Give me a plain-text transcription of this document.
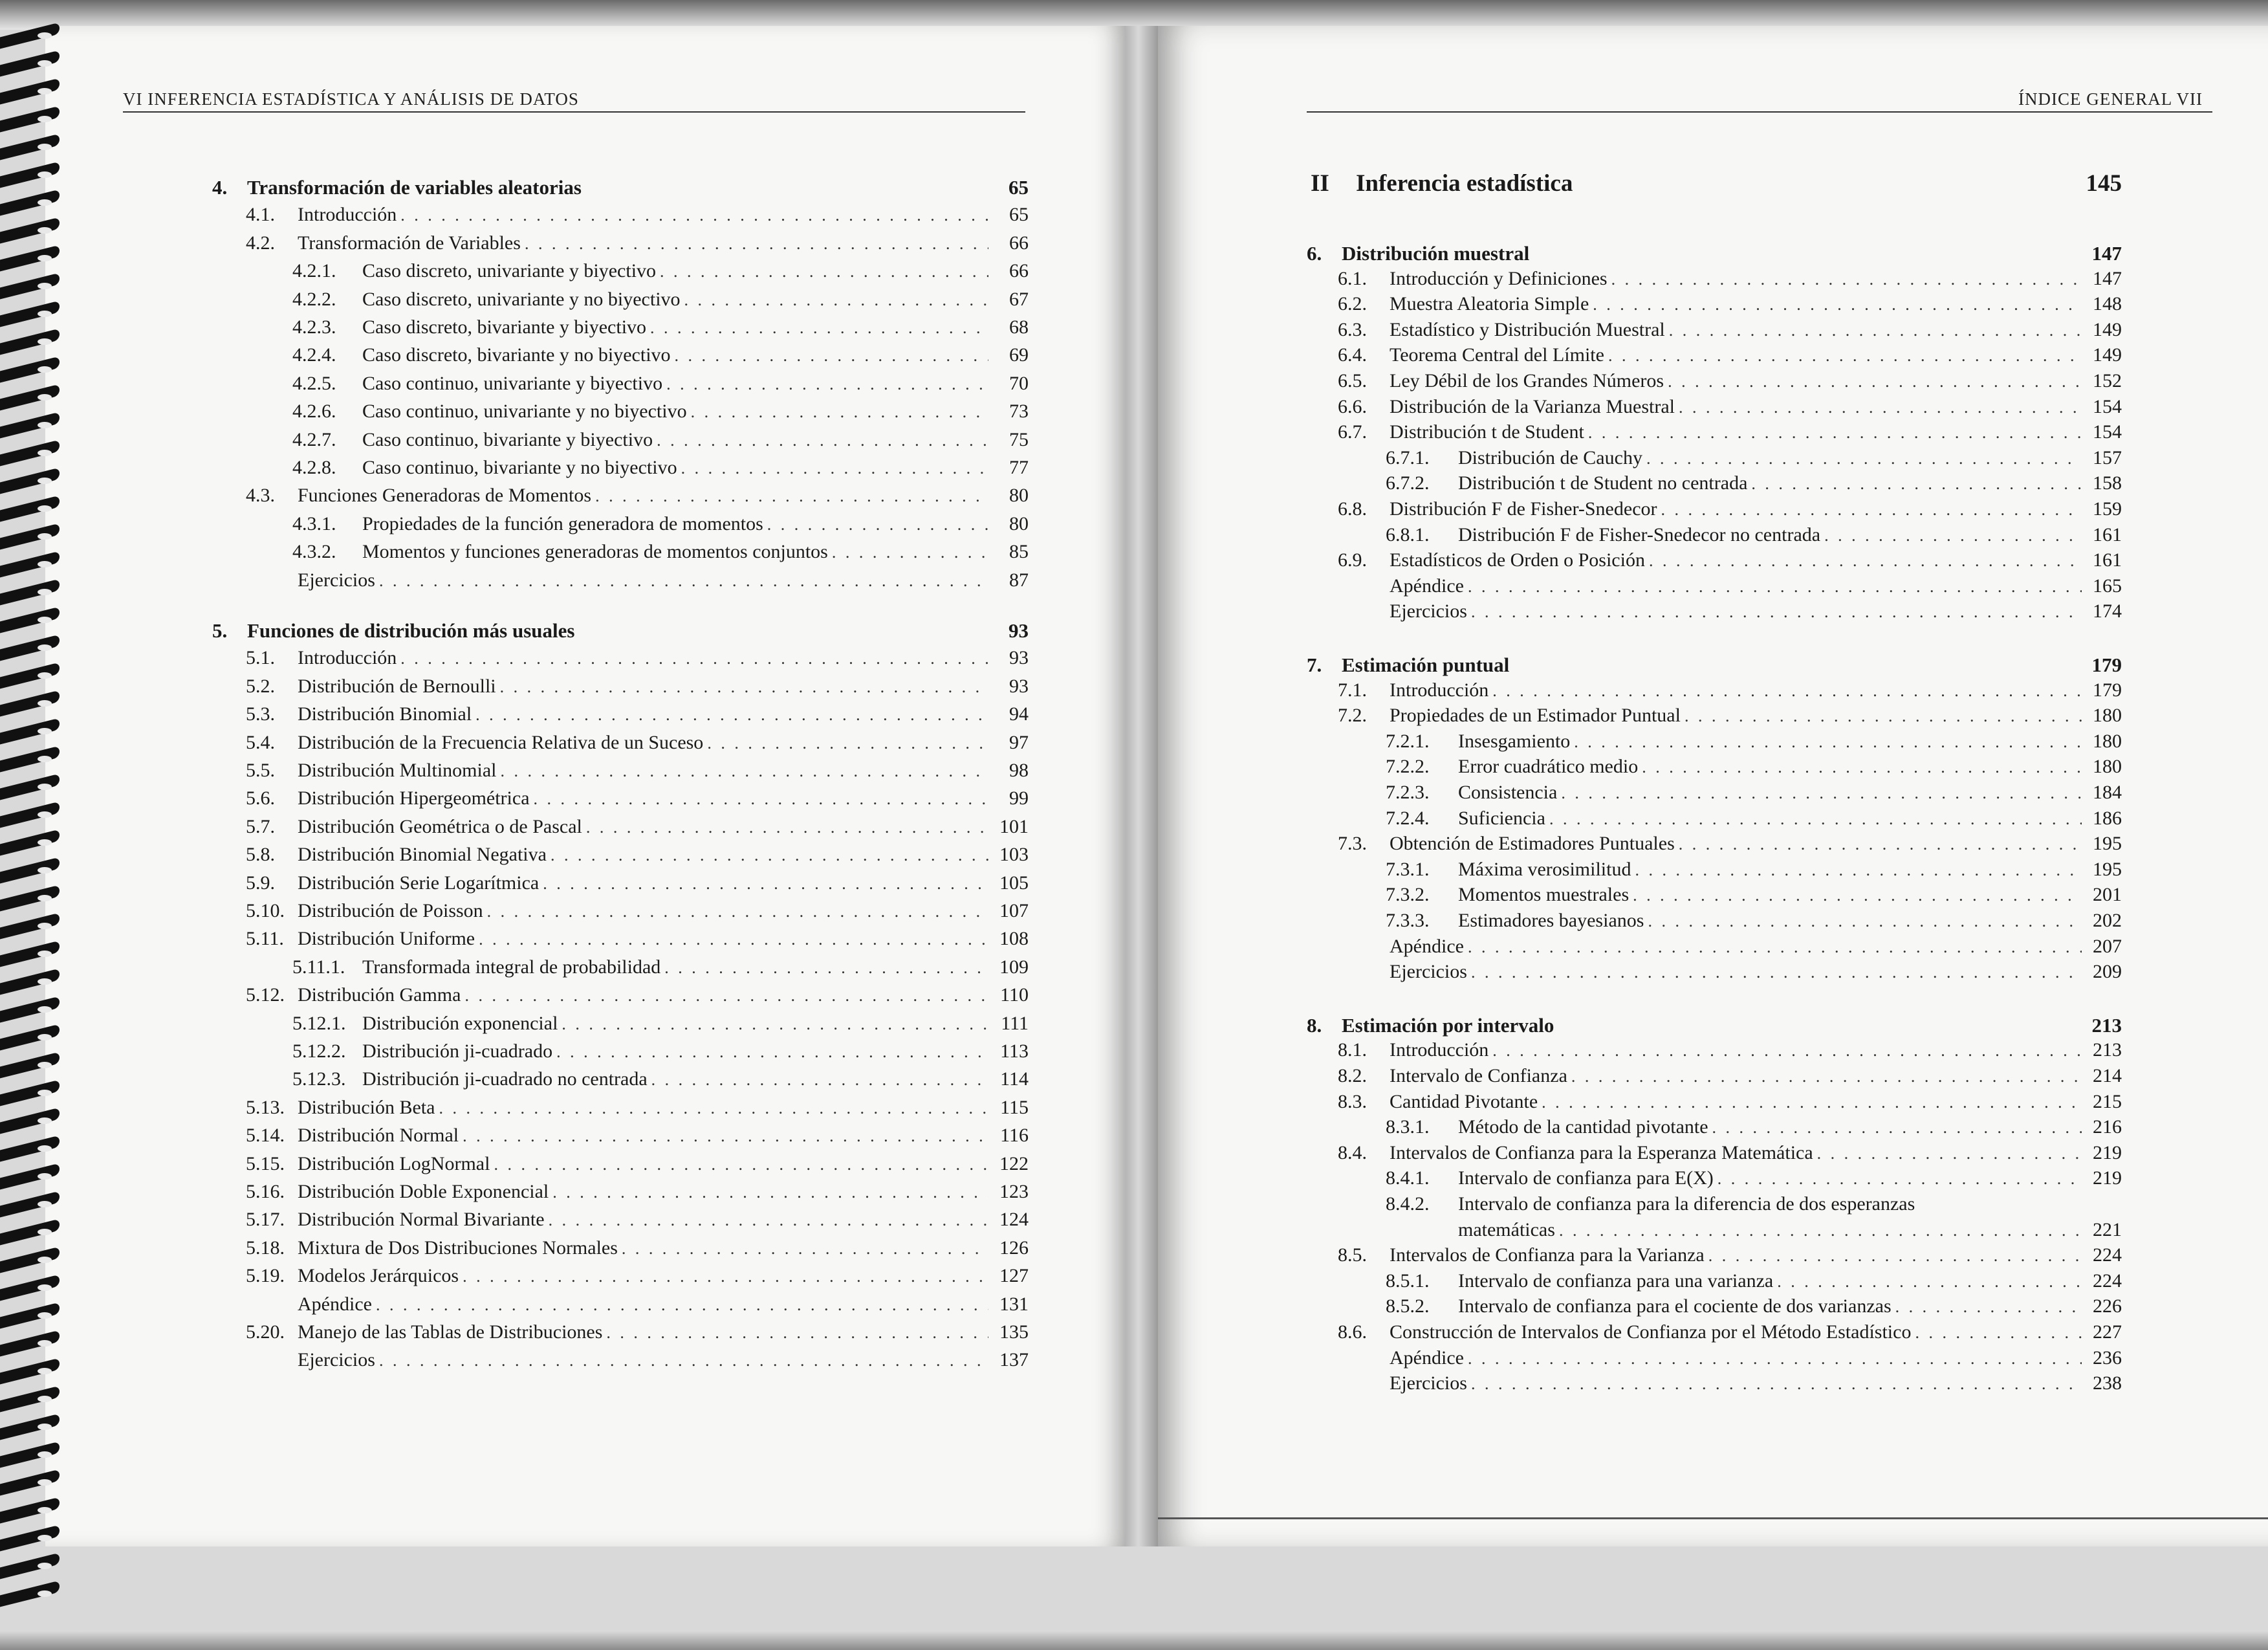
VI INFERENCIA ESTADÍSTICA Y ANÁLISIS DE DATOS	ÍNDICE GENERAL VII
4. Transformación de variables aleatorias	65
4.1.	Introducción . . .	65
4.2.	Transformación de Variables . . .	66
4.2.1.	Caso discreto, univariante y biyectivo . . .	66
4.2.2.	Caso discreto, univariante y no biyectivo . . .	67
4.2.3.	Caso discreto, bivariante y biyectivo . . .	68
4.2.4.	Caso discreto, bivariante y no biyectivo . . .	69
4.2.5.	Caso continuo, univariante y biyectivo . . .	70
4.2.6.	Caso continuo, univariante y no biyectivo . . .	73
4.2.7.	Caso continuo, bivariante y biyectivo . . .	75
4.2.8.	Caso continuo, bivariante y no biyectivo . . .	77
4.3.	Funciones Generadoras de Momentos . . .	80
4.3.1.	Propiedades de la función generadora de momentos . . .	80
4.3.2.	Momentos y funciones generadoras de momentos conjuntos . . .	85
Ejercicios . . .	87
5. Funciones de distribución más usuales	93
5.1.	Introducción . . .	93
5.2.	Distribución de Bernoulli . . .	93
5.3.	Distribución Binomial . . .	94
5.4.	Distribución de la Frecuencia Relativa de un Suceso . . .	97
5.5.	Distribución Multinomial . . .	98
5.6.	Distribución Hipergeométrica . . .	99
5.7.	Distribución Geométrica o de Pascal . . .	101
5.8.	Distribución Binomial Negativa . . .	103
5.9.	Distribución Serie Logarítmica . . .	105
5.10. Distribución de Poisson . . .	107
5.11. Distribución Uniforme . . .	108
5.11.1. Transformada integral de probabilidad . . .	109
5.12. Distribución Gamma . . .	110
5.12.1. Distribución exponencial . . .	111
5.12.2. Distribución ji-cuadrado . . .	113
5.12.3. Distribución ji-cuadrado no centrada . . .	114
5.13. Distribución Beta . . .	115
5.14. Distribución Normal . . .	116
5.15. Distribución LogNormal . . .	122
5.16. Distribución Doble Exponencial . . .	123
5.17. Distribución Normal Bivariante . . .	124
5.18. Mixtura de Dos Distribuciones Normales . . .	126
5.19. Modelos Jerárquicos . . .	127
Apéndice . . .	131
5.20. Manejo de las Tablas de Distribuciones . . .	135
Ejercicios . . .	137
II	Inferencia estadística	145
6. Distribución muestral	147
6.1.	Introducción y Definiciones . . .	147
6.2.	Muestra Aleatoria Simple . . .	148
6.3.	Estadístico y Distribución Muestral . . .	149
6.4.	Teorema Central del Límite . . .	149
6.5.	Ley Débil de los Grandes Números . . .	152
6.6.	Distribución de la Varianza Muestral . . .	154
6.7.	Distribución t de Student . . .	154
6.7.1.	Distribución de Cauchy . . .	157
6.7.2.	Distribución t de Student no centrada . . .	158
6.8.	Distribución F de Fisher-Snedecor . . .	159
6.8.1.	Distribución F de Fisher-Snedecor no centrada . . .	161
6.9.	Estadísticos de Orden o Posición . . .	161
Apéndice . . .	165
Ejercicios . . .	174
7. Estimación puntual	179
7.1.	Introducción . . .	179
7.2.	Propiedades de un Estimador Puntual . . .	180
7.2.1.	Insesgamiento . . .	180
7.2.2.	Error cuadrático medio . . .	180
7.2.3.	Consistencia . . .	184
7.2.4.	Suficiencia . . .	186
7.3.	Obtención de Estimadores Puntuales . . .	195
7.3.1.	Máxima verosimilitud . . .	195
7.3.2.	Momentos muestrales . . .	201
7.3.3.	Estimadores bayesianos . . .	202
Apéndice . . .	207
Ejercicios . . .	209
8. Estimación por intervalo	213
8.1.	Introducción . . .	213
8.2.	Intervalo de Confianza . . .	214
8.3.	Cantidad Pivotante . . .	215
8.3.1.	Método de la cantidad pivotante . . .	216
8.4.	Intervalos de Confianza para la Esperanza Matemática . . .	219
8.4.1.	Intervalo de confianza para E(X) . . .	219
8.4.2.	Intervalo de confianza para la diferencia de dos esperanzas
matemáticas . . .	221
8.5.	Intervalos de Confianza para la Varianza . . .	224
8.5.1.	Intervalo de confianza para una varianza . . .	224
8.5.2.	Intervalo de confianza para el cociente de dos varianzas . . .	226
8.6.	Construcción de Intervalos de Confianza por el Método Estadístico . . .	227
Apéndice . . .	236
Ejercicios . . .	238
